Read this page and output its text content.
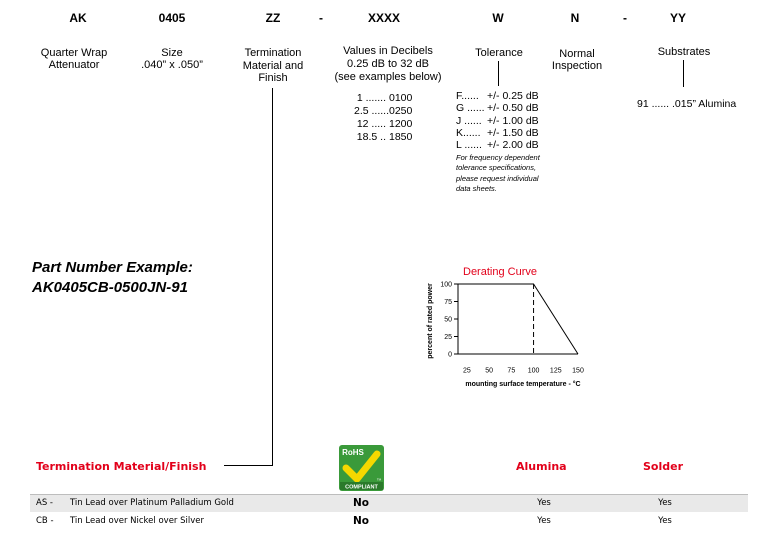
AK	0405	ZZ	-	XXXX	W	N	-	YY
Quarter Wrap
Attenuator
Size
.040” x .050”
Termination
Material and
Finish
Values in Decibels
0.25 dB to 32 dB
(see examples below)
Tolerance	Normal
Inspection
Substrates
1 ....... 0100
2.5 ...... 0250
12 ..... 1200
18.5 .. 1850
F...... +/- 0.25 dB
G ...... +/- 0.50 dB
J ...... +/- 1.00 dB
K...... +/- 1.50 dB
L ...... +/- 2.00 dB
For frequency dependent
tolerance specifications,
please request individual
data sheets.
91 ...... .015” Alumina
Part Number Example:
AK0405CB-0500JN-91
Derating Curve
0
25
50
75
100
25 50 75 100 125 150
percent of rated power
mounting surface temperature - °C
Termination Material/Finish
RoHS
COMPLIANT
TM
Alumina	Solder
AS - Tin Lead over Platinum Palladium Gold	No	Yes	Yes
CB - Tin Lead over Nickel over Silver	No	Yes	Yes
